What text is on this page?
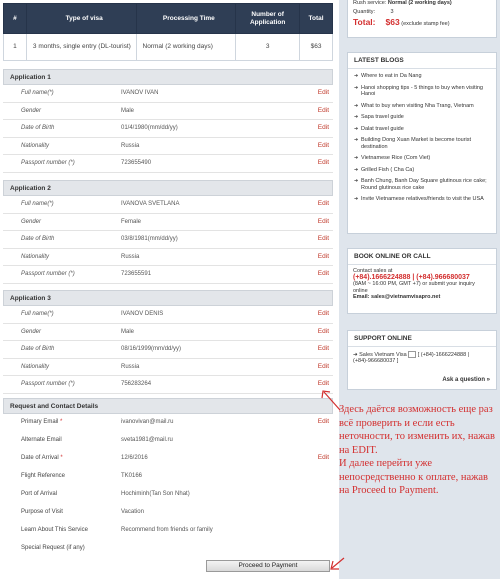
#	Type of visa	Processing Time	Number of Application	Total
1	3 months, single entry (DL-tourist)	Normal (2 working days)	3	$63
Application 1
Full name(*)	IVANOV IVAN	Edit
Gender	Male	Edit
Date of Birth	01/4/1980(mm/dd/yy)	Edit
Nationality	Russia	Edit
Passport number (*)	723655490	Edit
Application 2
Full name(*)	IVANOVA SVETLANA	Edit
Gender	Female	Edit
Date of Birth	03/8/1981(mm/dd/yy)	Edit
Nationality	Russia	Edit
Passport number (*)	723655591	Edit
Application 3
Full name(*)	IVANOV DENIS	Edit
Gender	Male	Edit
Date of Birth	08/16/1999(mm/dd/yy)	Edit
Nationality	Russia	Edit
Passport number (*)	756283264	Edit
Request and Contact Details
Primary Email *	ivanovivan@mail.ru	Edit
Alternate Email	sveta1981@mail.ru
Date of Arrival *	12/6/2016	Edit
Flight Reference	TK0166
Port of Arrival	Hochiminh(Tan Son Nhat)
Purpose of Visit	Vacation
Learn About This Service	Recommend from friends or family
Special Request (if any)
Proceed to Payment
Rush service: Normal (2 working days)
Quantity:	3
Total: $63 (exclude stamp fee)
LATEST BLOGS
➜ Where to eat in Da Nang
➜ Hanoi shopping tips - 5 things to buy when visiting Hanoi
➜ What to buy when visiting Nha Trang, Vietnam
➜ Sapa travel guide
➜ Dalat travel guide
➜ Building Dong Xuan Market is become tourist destination
➜ Vietnamese Rice (Com Viet)
➜ Grilled Fish ( Cha Ca)
➜ Banh Chung, Banh Day Square glutinous rice cake; Round glutinous rice cake
➜ Invite Vietnamese relatives/friends to visit the USA
BOOK ONLINE OR CALL
Contact sales at
(+84).1666224888 | (+84).966680037
(8AM ~ 16:00 PM, GMT +7) or submit your inquiry online
Email: sales@vietnamvisapro.net
SUPPORT ONLINE
➜ Sales Vietnam Visa [ (+84)-1666224888 | (+84)-966680037 ]
Ask a question »

Здесь даётся возможность еще раз всё проверить и если есть неточности, то изменить их, нажав на EDIT.

И далее перейти уже непосредственно к оплате, нажав на Proceed to Payment.
